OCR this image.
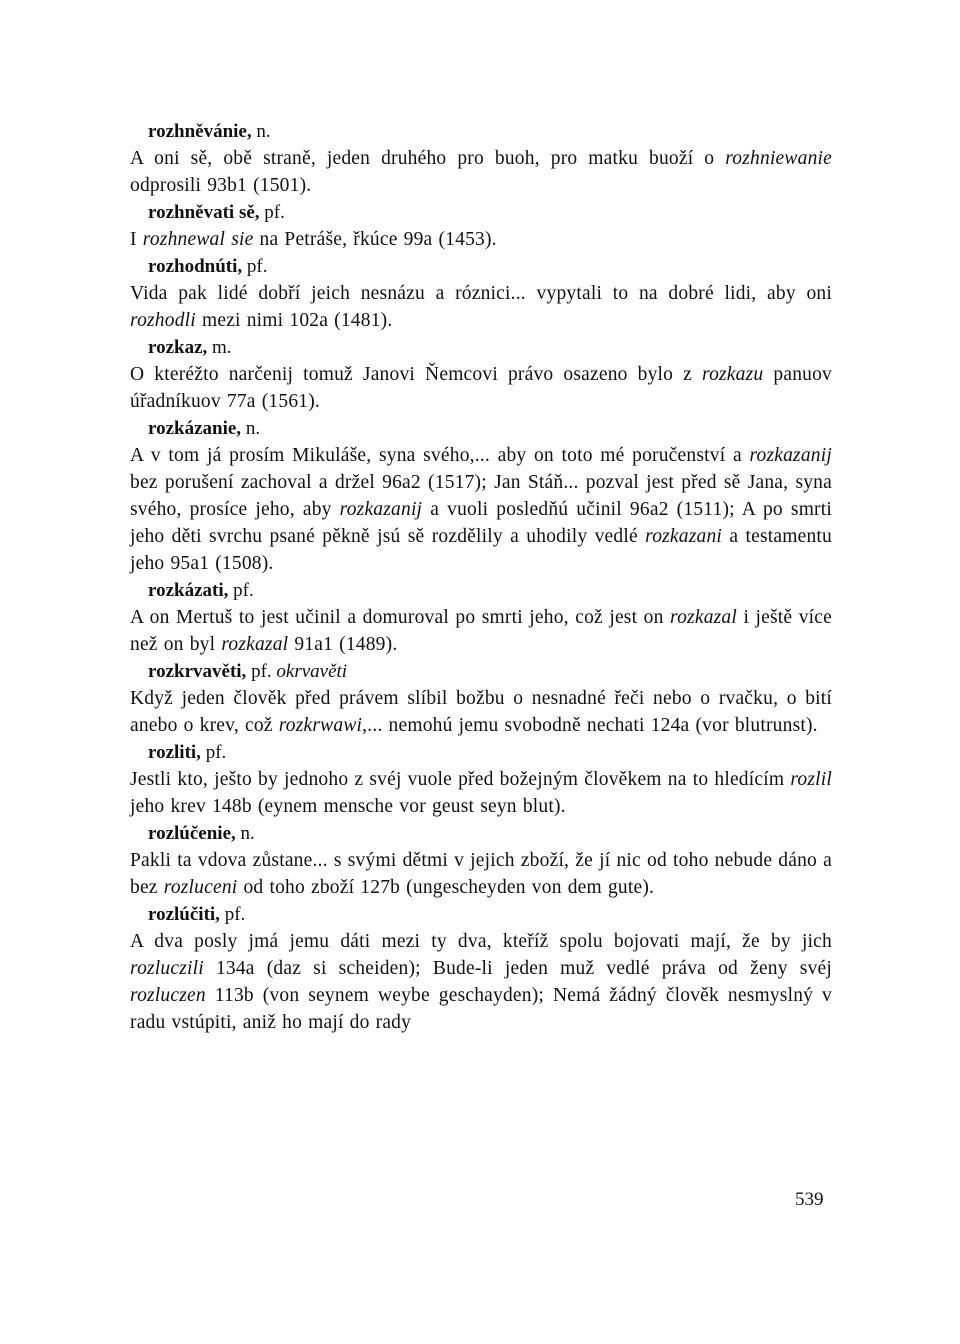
rozhněvánie, n.

A oni sě, obě straně, jeden druhého pro buoh, pro matku buoží o rozhniewanie odprosili 93b1 (1501).

rozhněvati sě, pf.

I rozhnewal sie na Petráše, řkúce 99a (1453).

rozhodnúti, pf.

Vida pak lidé dobří jeich nesnázu a róznici... vypytali to na dobré lidi, aby oni rozhodli mezi nimi 102a (1481).

rozkaz, m.

O kteréžto narčenij tomuž Janovi Ňemcovi právo osazeno bylo z rozkazu panuov úřadníkuov 77a (1561).

rozkázanie, n.

A v tom já prosím Mikuláše, syna svého,... aby on toto mé poručenství a rozkazanij bez porušení zachoval a držel 96a2 (1517); Jan Stáň... pozval jest před sě Jana, syna svého, prosíce jeho, aby rozkazanij a vuoli posledňú učinil 96a2 (1511); A po smrti jeho děti svrchu psané pěkně jsú sě rozdělily a uhodily vedlé rozkazani a testamentu jeho 95a1 (1508).

rozkázati, pf.

A on Mertuš to jest učinil a domuroval po smrti jeho, což jest on rozkazal i ještě více než on byl rozkazal 91a1 (1489).

rozkrvavěti, pf. okrvavěti

Když jeden člověk před právem slíbil božbu o nesnadné řeči nebo o rvačku, o bití anebo o krev, což rozkrwawi,... nemohú jemu svobodně nechati 124a (vor blutrunst).

rozliti, pf.

Jestli kto, ješto by jednoho z svéj vuole před božejným člověkem na to hledícím rozlil jeho krev 148b (eynem mensche vor geust seyn blut).

rozlúčenie, n.

Pakli ta vdova zůstane... s svými dětmi v jejich zboží, že jí nic od toho nebude dáno a bez rozluceni od toho zboží 127b (ungescheyden von dem gute).

rozlúčiti, pf.

A dva posly jmá jemu dáti mezi ty dva, kteříž spolu bojovati mají, že by jich rozluczili 134a (daz si scheiden); Bude-li jeden muž vedlé práva od ženy svéj rozluczen 113b (von seynem weybe geschayden); Nemá žádný člověk nesmyslný v radu vstúpiti, aniž ho mají do rady

539
